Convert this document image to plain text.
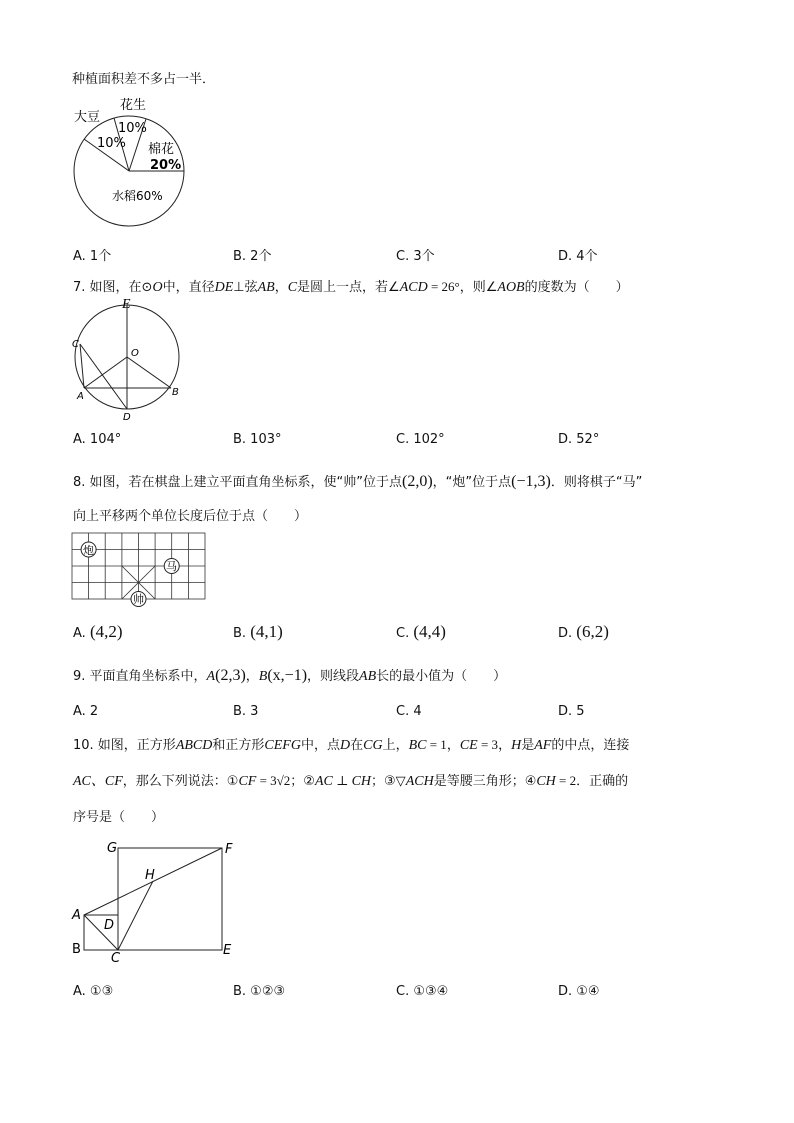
种植面积差不多占一半．
大豆
10%
花生
10%
棉花
20%
水稻60%
A. 1个	B. 2个	C. 3个	D. 4个
7. 如图，在⊙O中，直径DE⊥弦AB，C是圆上一点，若∠ACD = 26°，则∠AOB的度数为（　　）
E
O
C
A	B
D
A. 104°	B. 103°	C. 102°	D. 52°
8. 如图，若在棋盘上建立平面直角坐标系，使“帅”位于点(2,0)，“炮”位于点(−1,3)．则将棋子“马”
向上平移两个单位长度后位于点（　　）
炮
马
帅
A. (4,2)	B. (4,1)	C. (4,4)	D. (6,2)
9. 平面直角坐标系中，A(2,3)，B(x,−1)，则线段AB长的最小值为（　　）
A. 2	B. 3	C. 4	D. 5
10. 如图，正方形ABCD和正方形CEFG中，点D在CG上，BC = 1，CE = 3，H是AF的中点，连接
AC、CF，那么下列说法：①CF = 3√2；②AC ⊥ CH；③▽ACH是等腰三角形；④CH = 2．正确的
序号是（　　）
G	F
H
A
D
B
C
E
A. ①③	B. ①②③	C. ①③④	D. ①④
